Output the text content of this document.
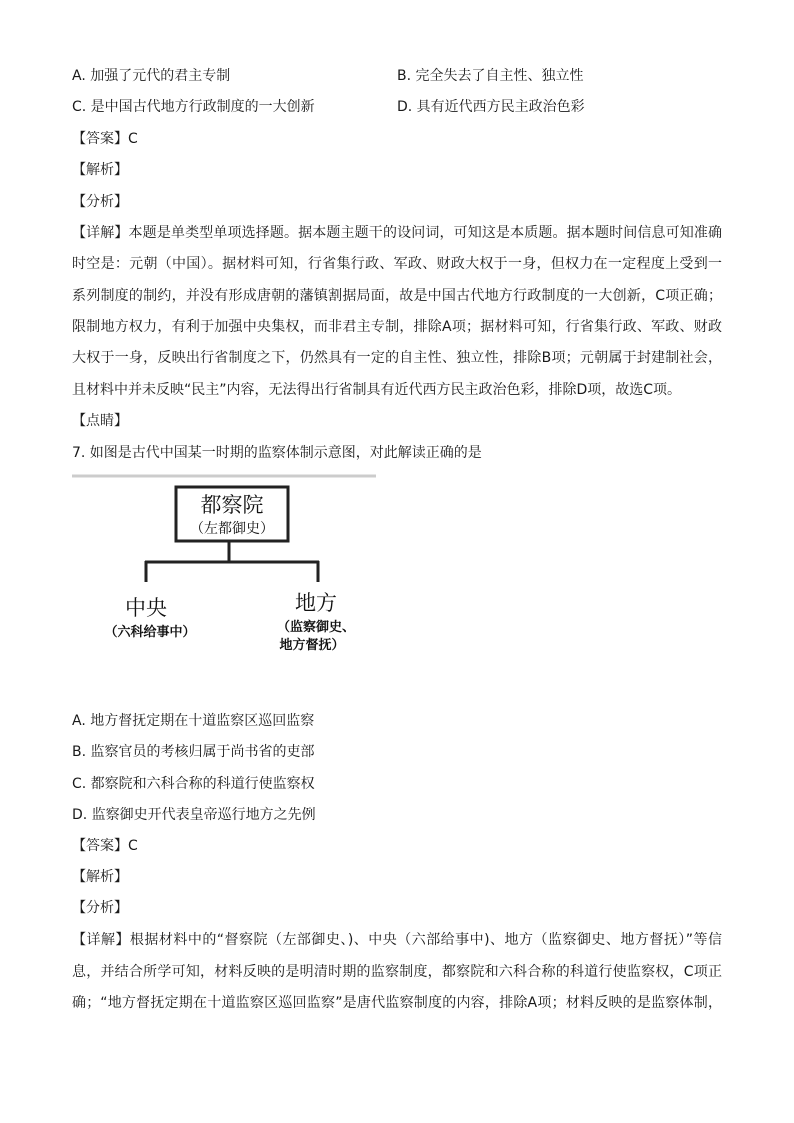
A. 加强了元代的君主专制	B. 完全失去了自主性、独立性
C. 是中国古代地方行政制度的一大创新	D. 具有近代西方民主政治色彩
【答案】C
【解析】
【分析】
【详解】本题是单类型单项选择题。据本题主题干的设问词，可知这是本质题。据本题时间信息可知准确
时空是：元朝（中国）。据材料可知，行省集行政、军政、财政大权于一身，但权力在一定程度上受到一
系列制度的制约，并没有形成唐朝的藩镇割据局面，故是中国古代地方行政制度的一大创新，C项正确；
限制地方权力，有利于加强中央集权，而非君主专制，排除A项；据材料可知，行省集行政、军政、财政
大权于一身，反映出行省制度之下，仍然具有一定的自主性、独立性，排除B项；元朝属于封建制社会，
且材料中并未反映“民主”内容，无法得出行省制具有近代西方民主政治色彩，排除D项，故选C项。
【点睛】
7. 如图是古代中国某一时期的监察体制示意图，对此解读正确的是
都察院
（左都御史）
中央
（六科给事中）
地方
（监察御史、
地方督抚）
A. 地方督抚定期在十道监察区巡回监察
B. 监察官员的考核归属于尚书省的吏部
C. 都察院和六科合称的科道行使监察权
D. 监察御史开代表皇帝巡行地方之先例
【答案】C
【解析】
【分析】
【详解】根据材料中的“督察院（左部御史、)、中央（六部给事中)、地方（监察御史、地方督抚）”等信
息，并结合所学可知，材料反映的是明清时期的监察制度，都察院和六科合称的科道行使监察权，C项正
确；“地方督抚定期在十道监察区巡回监察”是唐代监察制度的内容，排除A项；材料反映的是监察体制，
